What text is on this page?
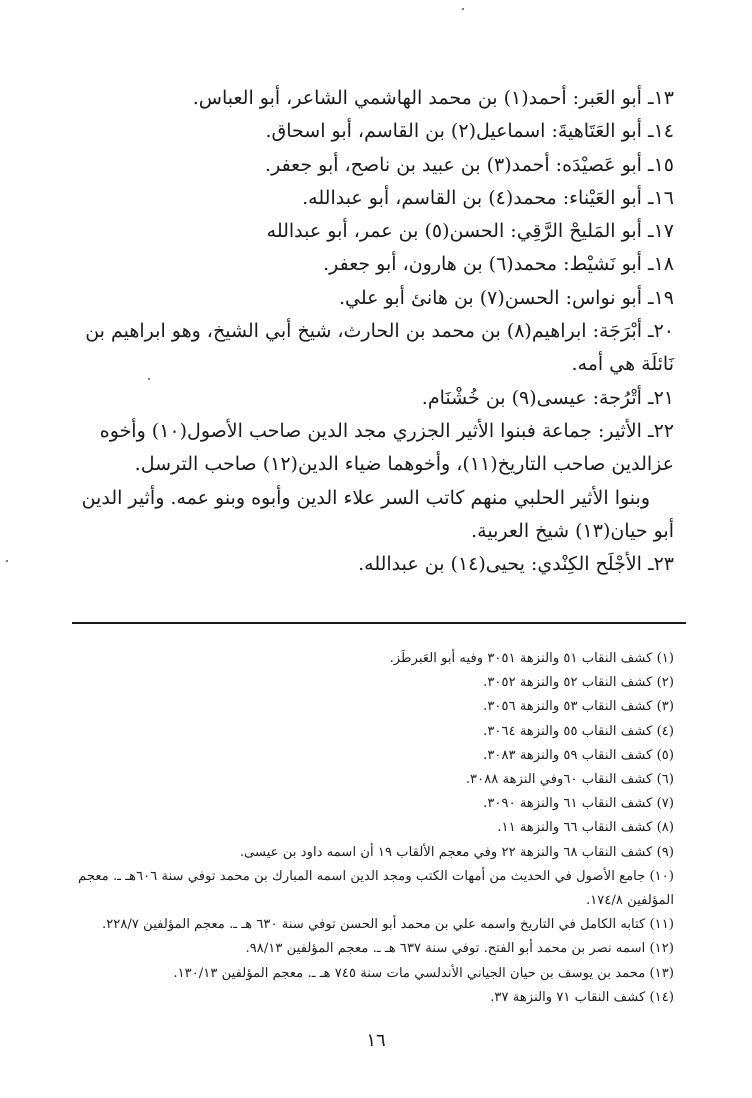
١٣ـ أبو العَبر: أحمد(١) بن محمد الهاشمي الشاعر، أبو العباس.

١٤ـ أبو العَتَاهيةَ: اسماعيل(٢) بن القاسم، أبو اسحاق.

١٥ـ أبو عَصيْدَه: أحمد(٣) بن عبيد بن ناصح، أبو جعفر.

١٦ـ أبو العَيْناء: محمد(٤) بن القاسم، أبو عبدالله.

١٧ـ أبو المَليحْ الرَّقِي: الحسن(٥) بن عمر، أبو عبدالله

١٨ـ أبو نَشيْط: محمد(٦) بن هارون، أبو جعفر.

١٩ـ أبو نواس: الحسن(٧) بن هانئ أبو علي.

٢٠ـ أبْرَجَة: ابراهيم(٨) بن محمد بن الحارث، شيخ أبي الشيخ، وهو ابراهيم بن نَائلَة هي أمه.

٢١ـ أتْرُجة: عيسى(٩) بن خُشْنَام.

٢٢ـ الأثير: جماعة فبنوا الأثير الجزري مجد الدين صاحب الأصول(١٠) وأخوه عزالدين صاحب التاريخ(١١)، وأخوهما ضياء الدين(١٢) صاحب الترسل.

وبنوا الأثير الحلبي منهم كاتب السر علاء الدين وأبوه وبنو عمه. وأثير الدين أبو حيان(١٣) شيخ العربية.

٢٣ـ الأجْلَح الكِنْدي: يحيى(١٤) بن عبدالله.

(١) كشف النقاب ٥١ والنزهة ٣٠٥١ وفيه أبو العَبرطَز.

(٢) كشف النقاب ٥٢ والنزهة ٣٠٥٢.

(٣) كشف النقاب ٥٣ والنزهة ٣٠٥٦.

(٤) كشف النقاب ٥٥ والنزهة ٣٠٦٤.

(٥) كشف النقاب ٥٩ والنزهة ٣٠٨٣.

(٦) كشف النقاب ٦٠وفي النزهة ٣٠٨٨.

(٧) كشف النقاب ٦١ والنزهة ٣٠٩٠.

(٨) كشف النقاب ٦٦ والنزهة ١١.

(٩) كشف النقاب ٦٨ والنزهة ٢٢ وفي معجم الألقاب ١٩ أن اسمه داود بن عيسى.

(١٠) جامع الأصول في الحديث من أمهات الكتب ومجد الدين اسمه المبارك بن محمد توفي سنة ٦٠٦هـ ـ. معجم المؤلفين ١٧٤/٨.

(١١) كتابه الكامل في التاريخ واسمه علي بن محمد أبو الحسن توفي سنة ٦٣٠ هـ ـ. معجم المؤلفين ٢٢٨/٧.

(١٢) اسمه نصر بن محمد أبو الفتح. توفي سنة ٦٣٧ هـ ـ. معجم المؤلفين ٩٨/١٣.

(١٣) محمد بن يوسف بن حيان الجياني الأندلسي مات سنة ٧٤٥ هـ ـ. معجم المؤلفين ١٣٠/١٣.

(١٤) كشف النقاب ٧١ والنزهة ٣٧.

١٦
